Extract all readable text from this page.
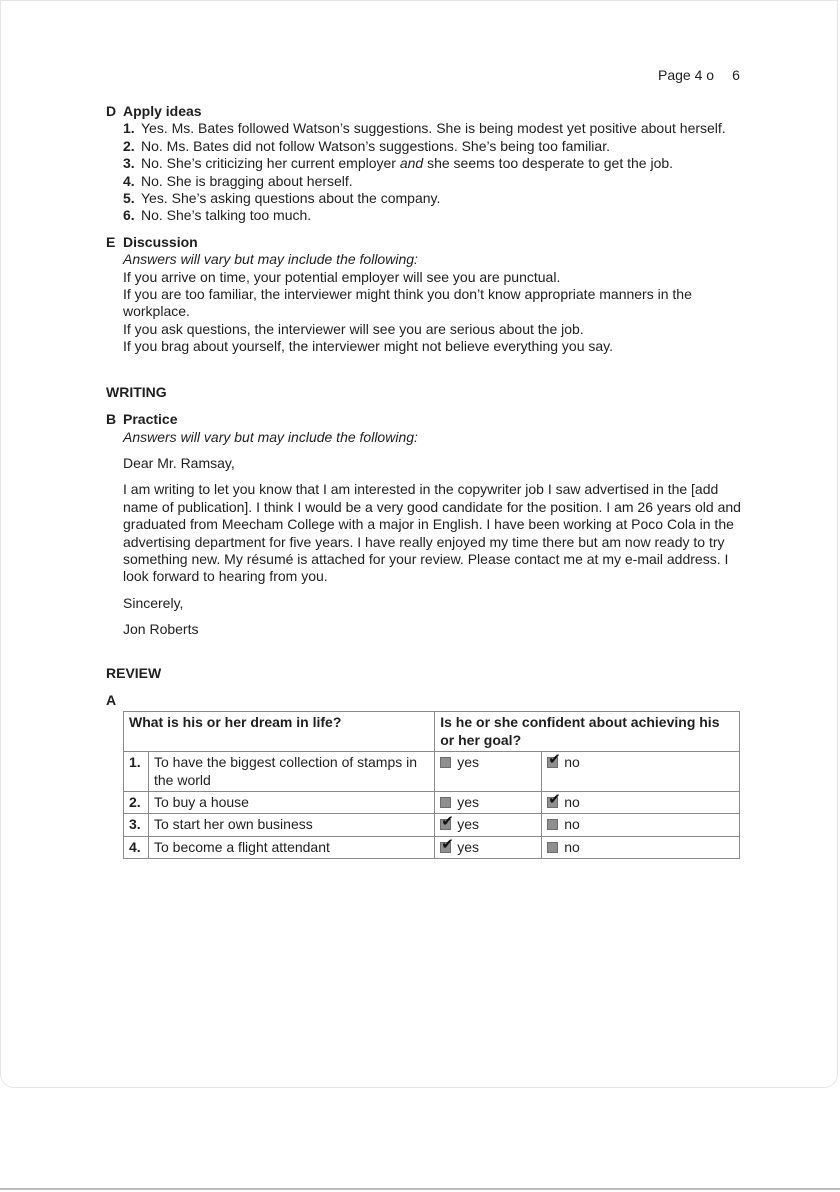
Page 4 o 6
D Apply ideas
1. Yes. Ms. Bates followed Watson’s suggestions. She is being modest yet positive about herself.
2. No. Ms. Bates did not follow Watson’s suggestions. She’s being too familiar.
3. No. She’s criticizing her current employer and she seems too desperate to get the job.
4. No. She is bragging about herself.
5. Yes. She’s asking questions about the company.
6. No. She’s talking too much.
E Discussion
Answers will vary but may include the following:
If you arrive on time, your potential employer will see you are punctual.
If you are too familiar, the interviewer might think you don’t know appropriate manners in the workplace.
If you ask questions, the interviewer will see you are serious about the job.
If you brag about yourself, the interviewer might not believe everything you say.
WRITING
B Practice
Answers will vary but may include the following:
Dear Mr. Ramsay,
I am writing to let you know that I am interested in the copywriter job I saw advertised in the [add name of publication]. I think I would be a very good candidate for the position. I am 26 years old and graduated from Meecham College with a major in English. I have been working at Poco Cola in the advertising department for five years. I have really enjoyed my time there but am now ready to try something new. My résumé is attached for your review. Please contact me at my e-mail address. I look forward to hearing from you.
Sincerely,
Jon Roberts
REVIEW
A
What is his or her dream in life?		Is he or she confident about achieving his or her goal?	
1.	To have the biggest collection of stamps in the world	yes	✔no
2.	To buy a house	yes	✔no
3.	To start her own business	✔yes	no
4.	To become a flight attendant	✔yes	no
